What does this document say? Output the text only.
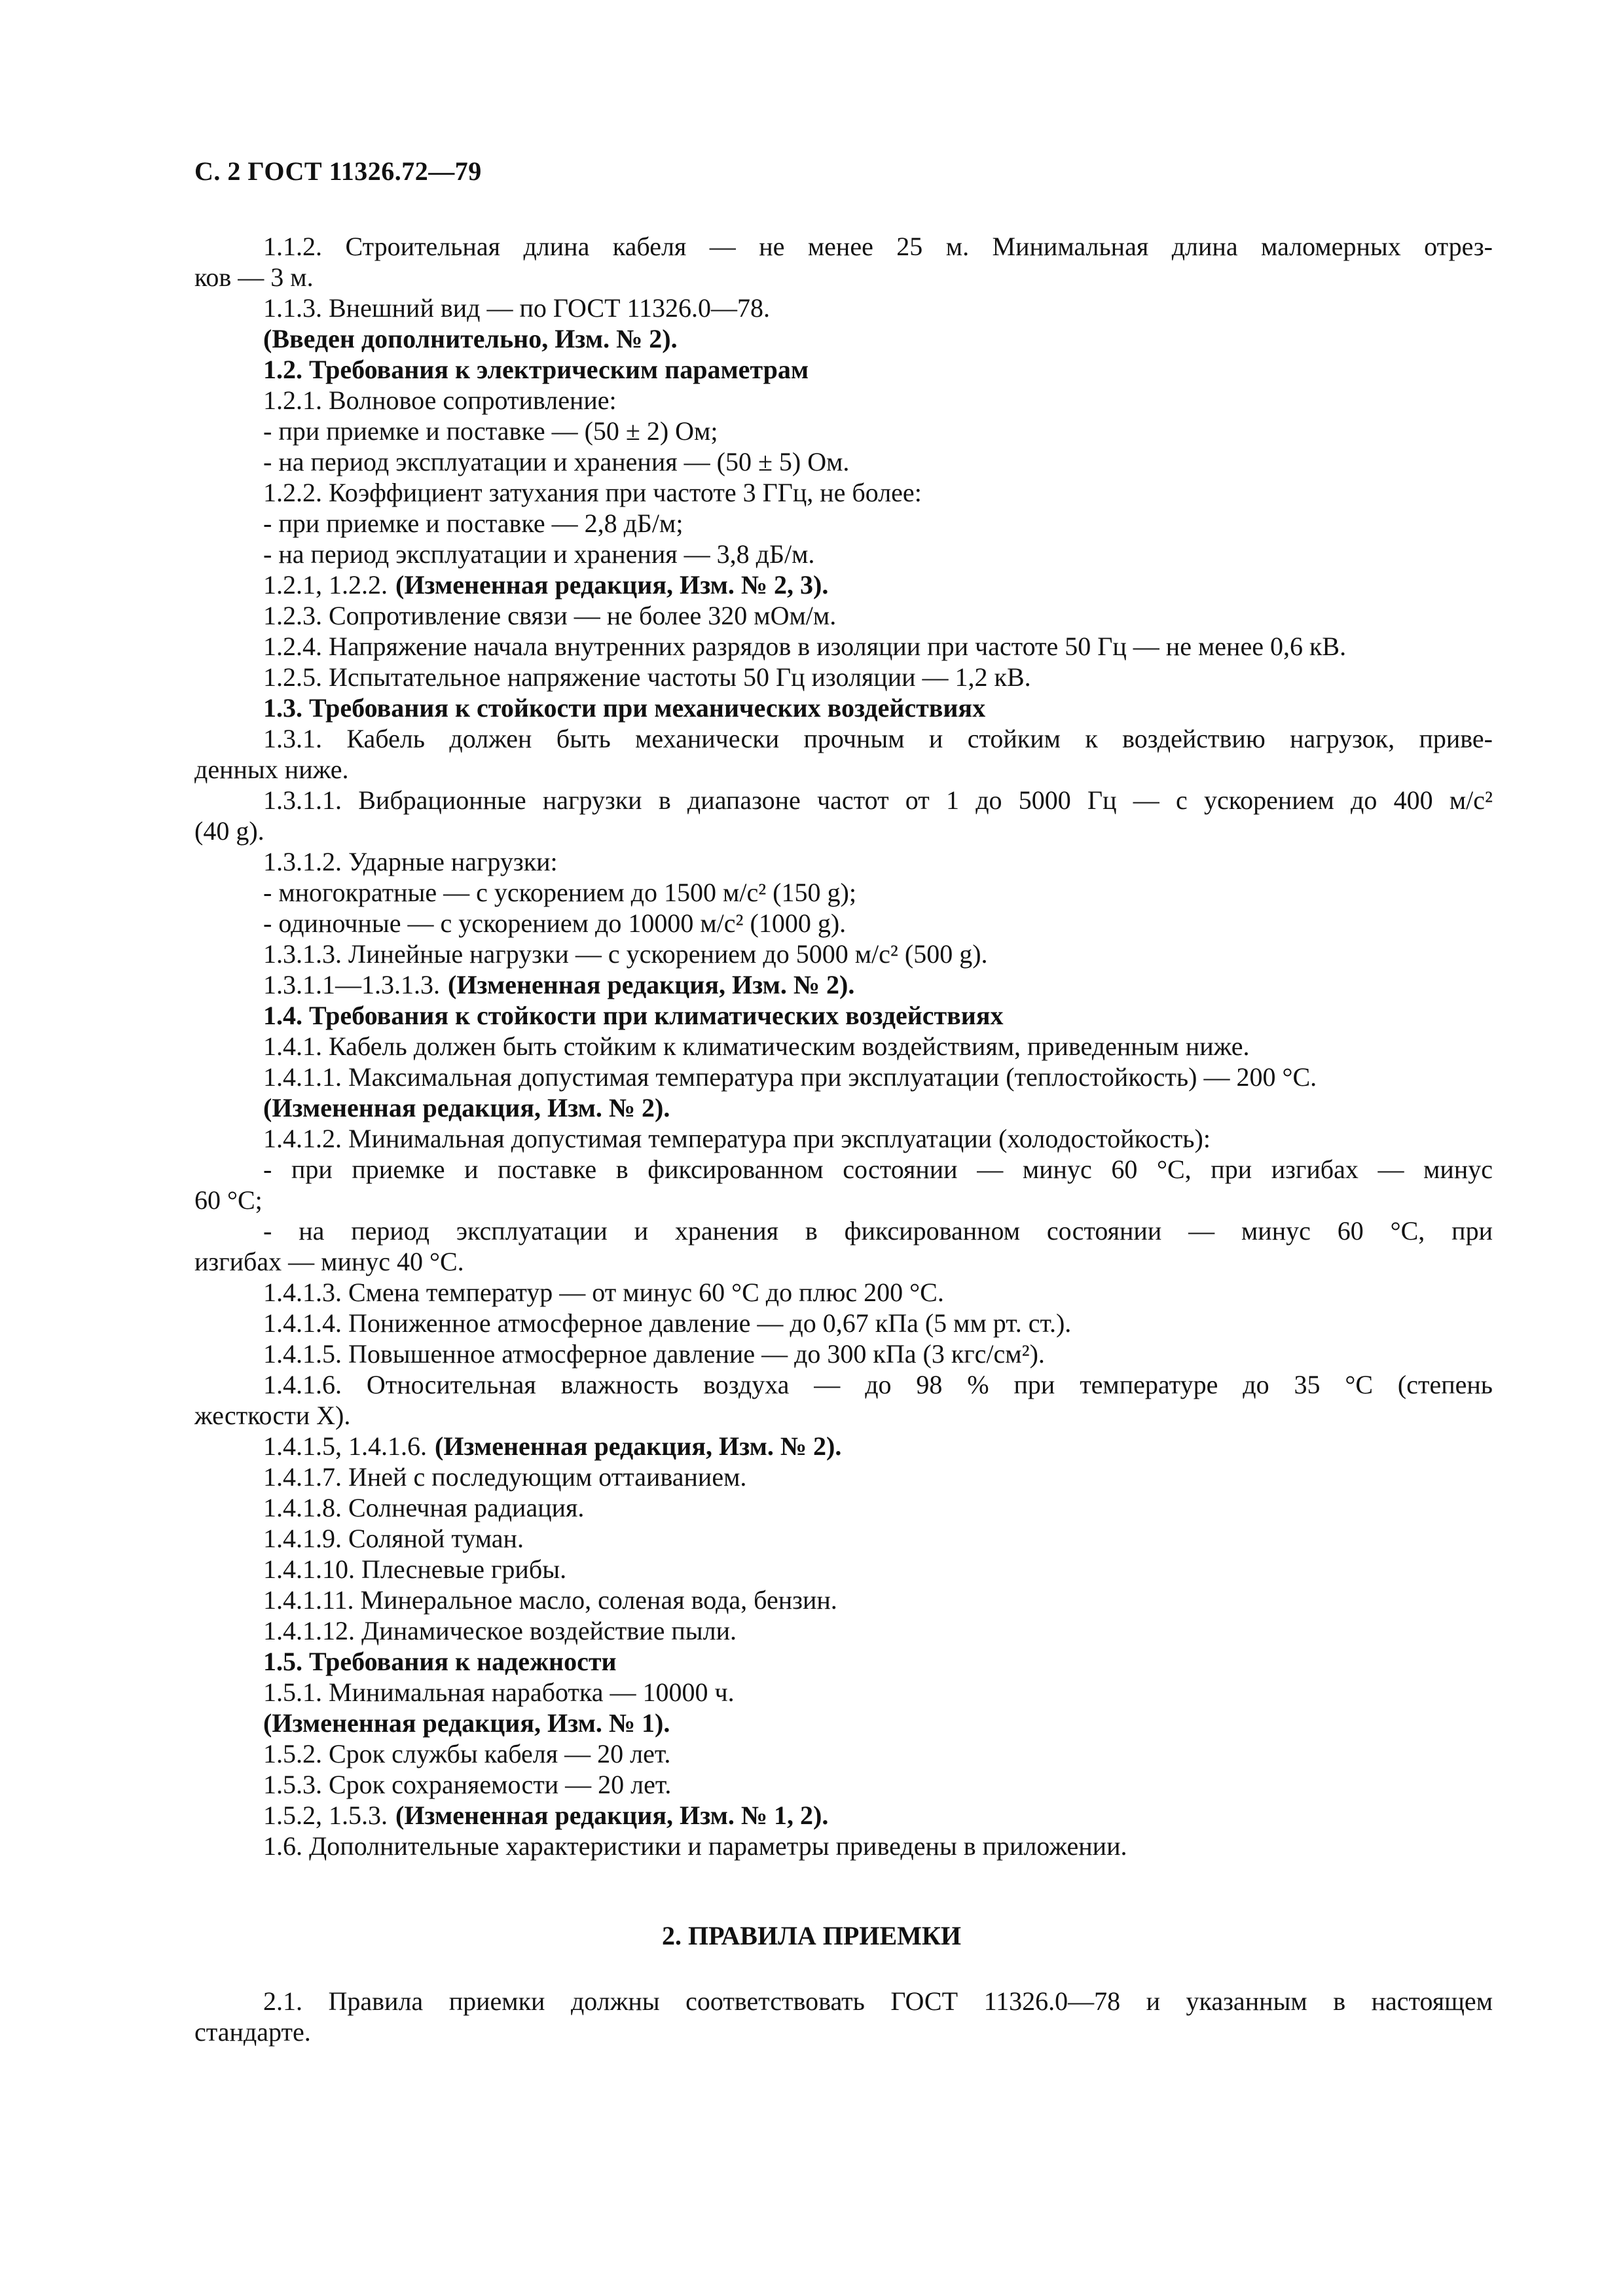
С. 2 ГОСТ 11326.72—79
1.1.2. Строительная длина кабеля — не менее 25 м. Минимальная длина маломерных отрез-
ков — 3 м.
1.1.3. Внешний вид — по ГОСТ 11326.0—78.
(Введен дополнительно, Изм. № 2).
1.2. Требования к электрическим параметрам
1.2.1. Волновое сопротивление:
- при приемке и поставке — (50 ± 2) Ом;
- на период эксплуатации и хранения — (50 ± 5) Ом.
1.2.2. Коэффициент затухания при частоте 3 ГГц, не более:
- при приемке и поставке — 2,8 дБ/м;
- на период эксплуатации и хранения — 3,8 дБ/м.
1.2.1, 1.2.2. (Измененная редакция, Изм. № 2, 3).
1.2.3. Сопротивление связи — не более 320 мОм/м.
1.2.4. Напряжение начала внутренних разрядов в изоляции при частоте 50 Гц — не менее 0,6 кВ.
1.2.5. Испытательное напряжение частоты 50 Гц изоляции — 1,2 кВ.
1.3. Требования к стойкости при механических воздействиях
1.3.1. Кабель должен быть механически прочным и стойким к воздействию нагрузок, приве-
денных ниже.
1.3.1.1. Вибрационные нагрузки в диапазоне частот от 1 до 5000 Гц — с ускорением до 400 м/с²
(40 g).
1.3.1.2. Ударные нагрузки:
- многократные — с ускорением до 1500 м/с² (150 g);
- одиночные — с ускорением до 10000 м/с² (1000 g).
1.3.1.3. Линейные нагрузки — с ускорением до 5000 м/с² (500 g).
1.3.1.1—1.3.1.3. (Измененная редакция, Изм. № 2).
1.4. Требования к стойкости при климатических воздействиях
1.4.1. Кабель должен быть стойким к климатическим воздействиям, приведенным ниже.
1.4.1.1. Максимальная допустимая температура при эксплуатации (теплостойкость) — 200 °С.
(Измененная редакция, Изм. № 2).
1.4.1.2. Минимальная допустимая температура при эксплуатации (холодостойкость):
- при приемке и поставке в фиксированном состоянии — минус 60 °С, при изгибах — минус
60 °С;
- на период эксплуатации и хранения в фиксированном состоянии — минус 60 °С, при
изгибах — минус 40 °С.
1.4.1.3. Смена температур — от минус 60 °С до плюс 200 °С.
1.4.1.4. Пониженное атмосферное давление — до 0,67 кПа (5 мм рт. ст.).
1.4.1.5. Повышенное атмосферное давление — до 300 кПа (3 кгс/см²).
1.4.1.6. Относительная влажность воздуха — до 98 % при температуре до 35 °С (степень
жесткости X).
1.4.1.5, 1.4.1.6. (Измененная редакция, Изм. № 2).
1.4.1.7. Иней с последующим оттаиванием.
1.4.1.8. Солнечная радиация.
1.4.1.9. Соляной туман.
1.4.1.10. Плесневые грибы.
1.4.1.11. Минеральное масло, соленая вода, бензин.
1.4.1.12. Динамическое воздействие пыли.
1.5. Требования к надежности
1.5.1. Минимальная наработка — 10000 ч.
(Измененная редакция, Изм. № 1).
1.5.2. Срок службы кабеля — 20 лет.
1.5.3. Срок сохраняемости — 20 лет.
1.5.2, 1.5.3. (Измененная редакция, Изм. № 1, 2).
1.6. Дополнительные характеристики и параметры приведены в приложении.
2. ПРАВИЛА ПРИЕМКИ
2.1. Правила приемки должны соответствовать ГОСТ 11326.0—78 и указанным в настоящем
стандарте.
